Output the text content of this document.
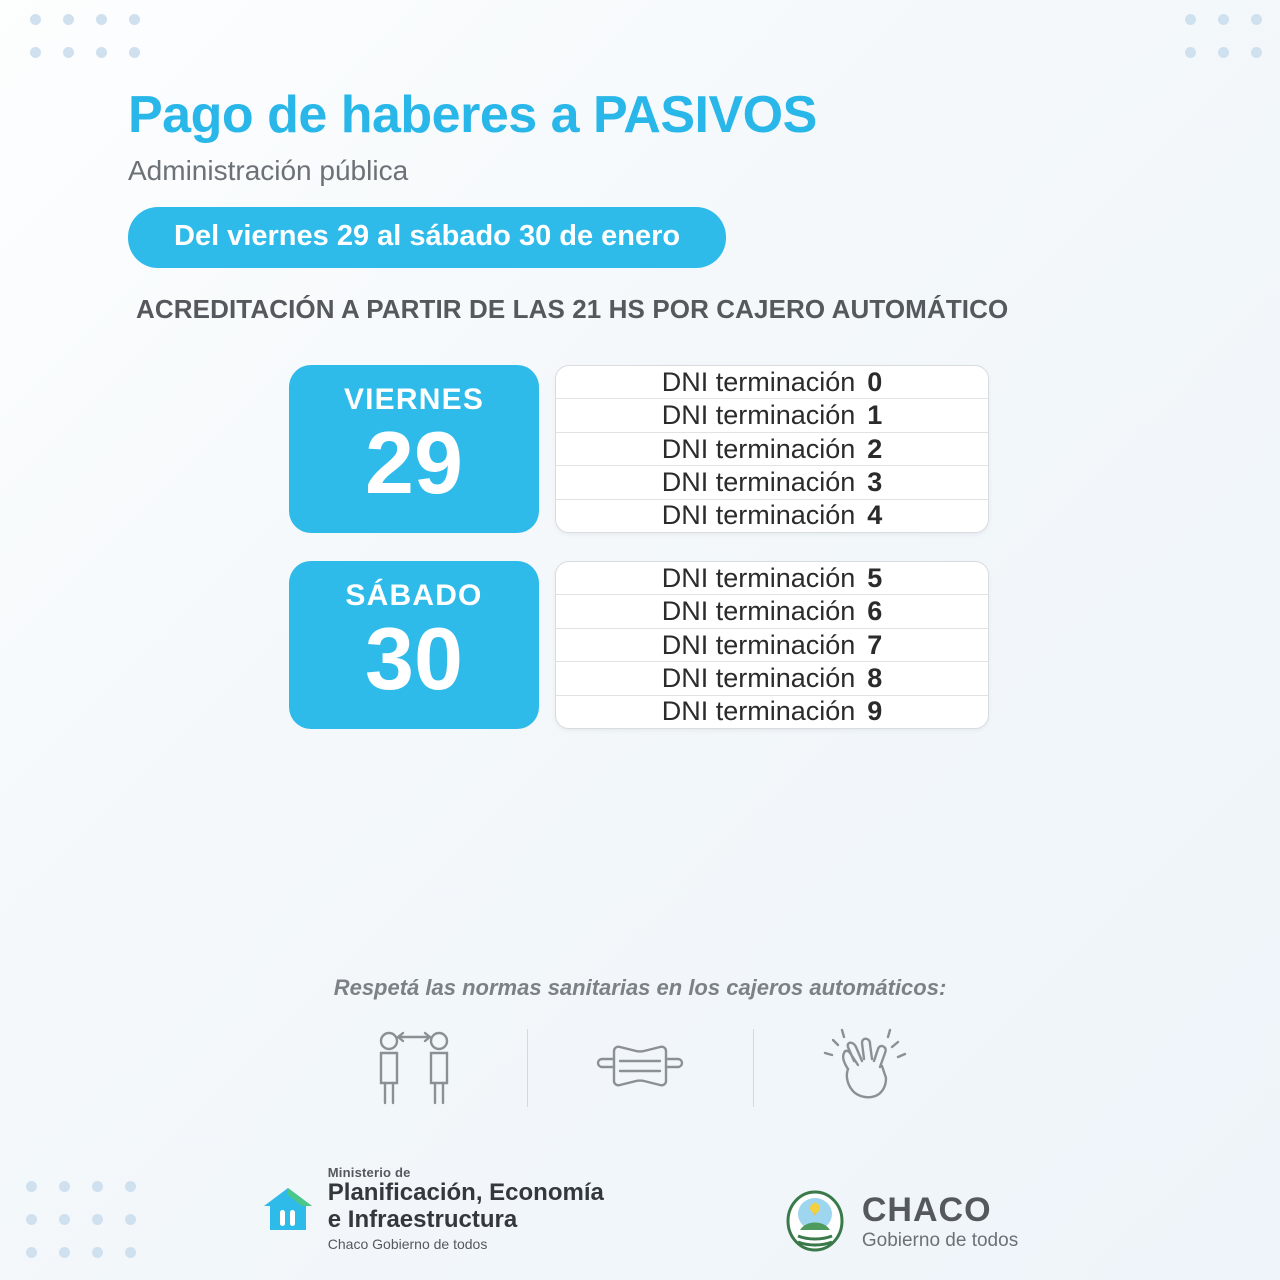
Pago de haberes a PASIVOS
Administración pública
Del viernes 29 al sábado 30 de enero
ACREDITACIÓN A PARTIR DE LAS 21 HS POR CAJERO AUTOMÁTICO
VIERNES
29
DNI terminación 0
DNI terminación 1
DNI terminación 2
DNI terminación 3
DNI terminación 4
SÁBADO
30
DNI terminación 5
DNI terminación 6
DNI terminación 7
DNI terminación 8
DNI terminación 9
Respetá las normas sanitarias en los cajeros automáticos:
Ministerio de
Planificación, Economía
e Infraestructura
Chaco Gobierno de todos
CHACO
Gobierno de todos
